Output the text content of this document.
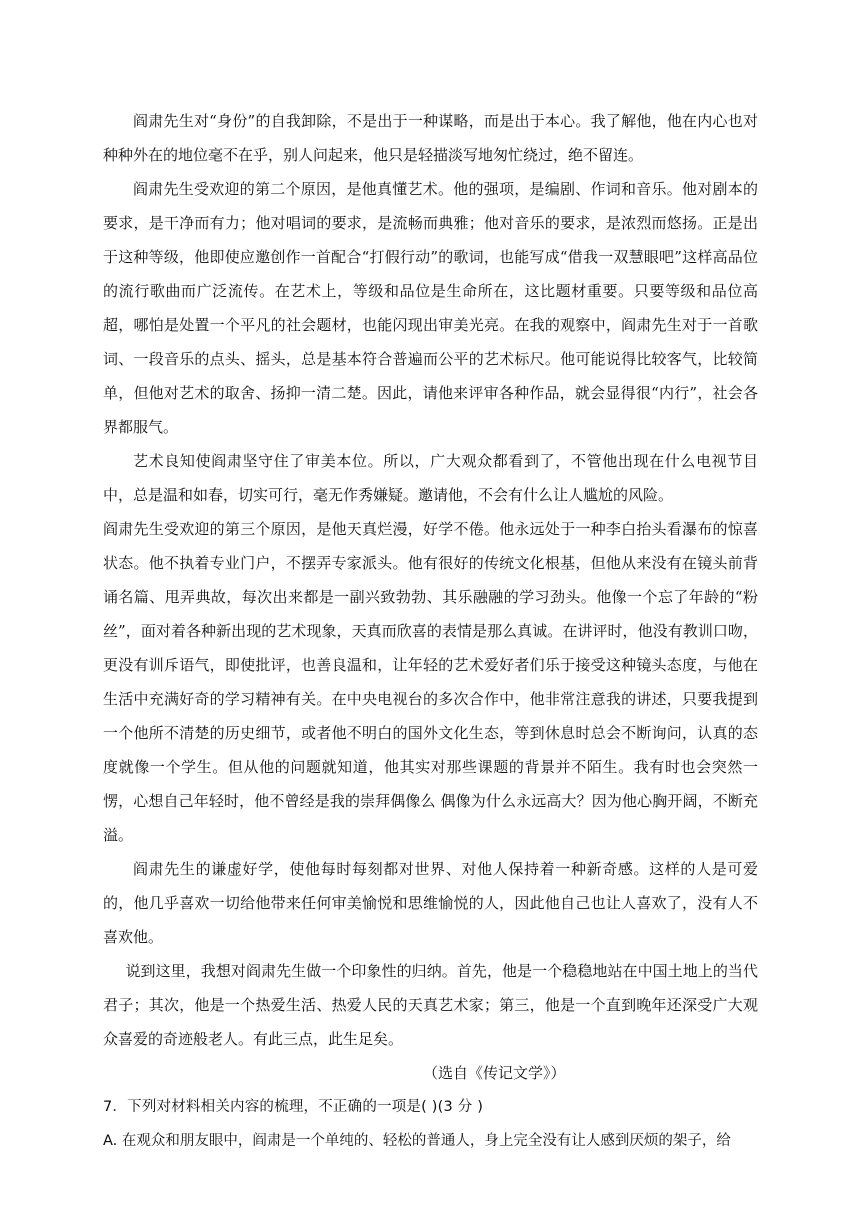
阎肃先生对“身份”的自我卸除，不是出于一种谋略，而是出于本心。我了解他，他在内心也对种种外在的地位毫不在乎，别人问起来，他只是轻描淡写地匆忙绕过，绝不留连。

阎肃先生受欢迎的第二个原因，是他真懂艺术。他的强项，是编剧、作词和音乐。他对剧本的要求，是干净而有力；他对唱词的要求，是流畅而典雅；他对音乐的要求，是浓烈而悠扬。正是出于这种等级，他即使应邀创作一首配合“打假行动”的歌词，也能写成“借我一双慧眼吧”这样高品位的流行歌曲而广泛流传。在艺术上，等级和品位是生命所在，这比题材重要。只要等级和品位高超，哪怕是处置一个平凡的社会题材，也能闪现出审美光亮。在我的观察中，阎肃先生对于一首歌词、一段音乐的点头、摇头，总是基本符合普遍而公平的艺术标尺。他可能说得比较客气，比较简单，但他对艺术的取舍、扬抑一清二楚。因此，请他来评审各种作品，就会显得很“内行”，社会各界都服气。

艺术良知使阎肃坚守住了审美本位。所以，广大观众都看到了，不管他出现在什么电视节目中，总是温和如春，切实可行，毫无作秀嫌疑。邀请他，不会有什么让人尴尬的风险。

阎肃先生受欢迎的第三个原因，是他天真烂漫，好学不倦。他永远处于一种李白抬头看瀑布的惊喜状态。他不执着专业门户，不摆弄专家派头。他有很好的传统文化根基，但他从来没有在镜头前背诵名篇、甩弄典故，每次出来都是一副兴致勃勃、其乐融融的学习劲头。他像一个忘了年龄的“粉丝”，面对着各种新出现的艺术现象，天真而欣喜的表情是那么真诚。在讲评时，他没有教训口吻，更没有训斥语气，即使批评，也善良温和，让年轻的艺术爱好者们乐于接受这种镜头态度，与他在生活中充满好奇的学习精神有关。在中央电视台的多次合作中，他非常注意我的讲述，只要我提到一个他所不清楚的历史细节，或者他不明白的国外文化生态，等到休息时总会不断询问，认真的态度就像一个学生。但从他的问题就知道，他其实对那些课题的背景并不陌生。我有时也会突然一愣，心想自己年轻时，他不曾经是我的崇拜偶像么 偶像为什么永远高大？因为他心胸开阔，不断充溢。

阎肃先生的谦虚好学，使他每时每刻都对世界、对他人保持着一种新奇感。这样的人是可爱的，他几乎喜欢一切给他带来任何审美愉悦和思维愉悦的人，因此他自己也让人喜欢了，没有人不喜欢他。

说到这里，我想对阎肃先生做一个印象性的归纳。首先，他是一个稳稳地站在中国土地上的当代君子；其次，他是一个热爱生活、热爱人民的天真艺术家；第三，他是一个直到晚年还深受广大观众喜爱的奇迹般老人。有此三点，此生足矣。

（选自《传记文学》）

7．下列对材料相关内容的梳理，不正确的一项是( )(3 分 )

A. 在观众和朋友眼中，阎肃是一个单纯的、轻松的普通人，身上完全没有让人感到厌烦的架子，给
